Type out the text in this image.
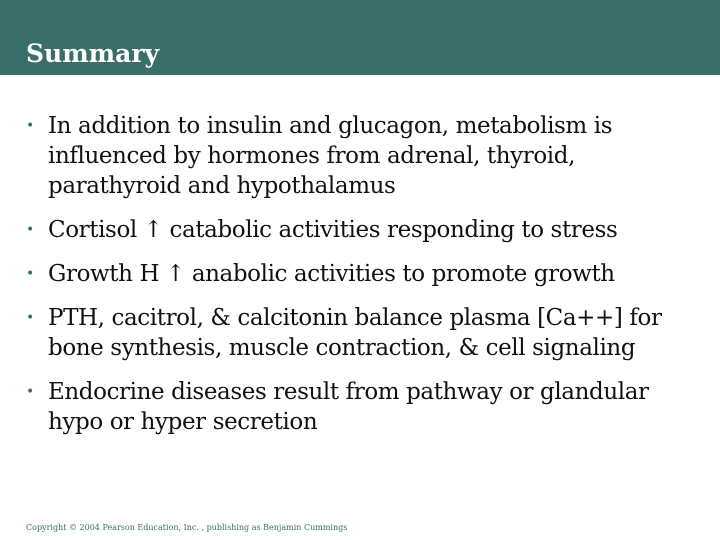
Summary
• In addition to insulin and glucagon, metabolism is influenced by hormones from adrenal, thyroid, parathyroid and hypothalamus
• Cortisol ↑ catabolic activities responding to stress
• Growth H ↑ anabolic activities to promote growth
• PTH, cacitrol, & calcitonin balance plasma [Ca++] for bone synthesis, muscle contraction, & cell signaling
• Endocrine diseases result from pathway or glandular hypo or hyper secretion
Copyright © 2004 Pearson Education, Inc. , publishing as Benjamin Cummings
